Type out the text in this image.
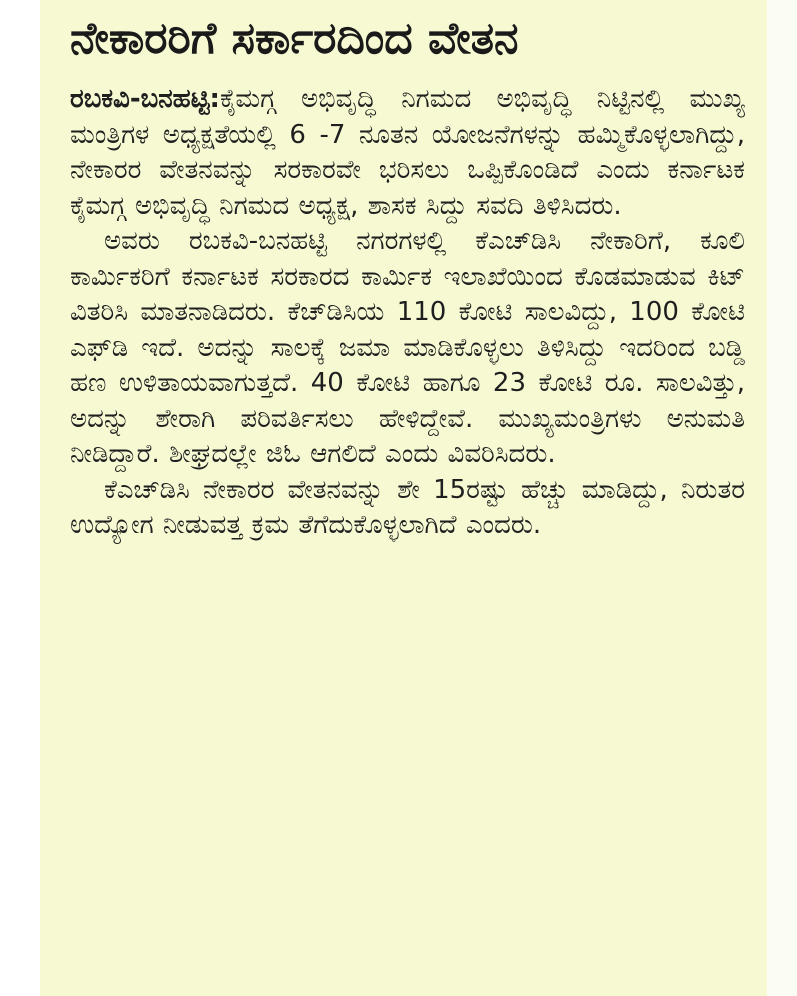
ನೇಕಾರರಿಗೆ ಸರ್ಕಾರದಿಂದ ವೇತನ

ರಬಕವಿ-ಬನಹಟ್ಟಿ:ಕೈಮಗ್ಗ ಅಭಿವೃದ್ಧಿ ನಿಗಮದ ಅಭಿವೃದ್ಧಿ ನಿಟ್ಟಿನಲ್ಲಿ ಮುಖ್ಯ ಮಂತ್ರಿಗಳ ಅಧ್ಯಕ್ಷತೆಯಲ್ಲಿ 6 -7 ನೂತನ ಯೋಜನೆಗಳನ್ನು ಹಮ್ಮಿಕೊಳ್ಳಲಾಗಿದ್ದು, ನೇಕಾರರ ವೇತನವನ್ನು ಸರಕಾರವೇ ಭರಿಸಲು ಒಪ್ಪಿಕೊಂಡಿದೆ ಎಂದು ಕರ್ನಾಟಕ ಕೈಮಗ್ಗ ಅಭಿವೃದ್ಧಿ ನಿಗಮದ ಅಧ್ಯಕ್ಷ, ಶಾಸಕ ಸಿದ್ದು ಸವದಿ ತಿಳಿಸಿದರು.

ಅವರು ರಬಕವಿ-ಬನಹಟ್ಟಿ ನಗರಗಳಲ್ಲಿ ಕೆಎಚ್‌ಡಿಸಿ ನೇಕಾರಿಗೆ, ಕೂಲಿ ಕಾರ್ಮಿಕರಿಗೆ ಕರ್ನಾಟಕ ಸರಕಾರದ ಕಾರ್ಮಿಕ ಇಲಾಖೆಯಿಂದ ಕೊಡಮಾಡುವ ಕಿಟ್ ವಿತರಿಸಿ ಮಾತನಾಡಿದರು. ಕೆಚ್‌ಡಿಸಿಯ 110 ಕೋಟಿ ಸಾಲವಿದ್ದು, 100 ಕೋಟಿ ಎಫ್‌ಡಿ ಇದೆ. ಅದನ್ನು ಸಾಲಕ್ಕೆ ಜಮಾ ಮಾಡಿಕೊಳ್ಳಲು ತಿಳಿಸಿದ್ದು ಇದರಿಂದ ಬಡ್ಡಿ ಹಣ ಉಳಿತಾಯವಾಗುತ್ತದೆ. 40 ಕೋಟಿ ಹಾಗೂ 23 ಕೋಟಿ ರೂ. ಸಾಲವಿತ್ತು, ಅದನ್ನು ಶೇರಾಗಿ ಪರಿವರ್ತಿಸಲು ಹೇಳಿದ್ದೇವೆ. ಮುಖ್ಯಮಂತ್ರಿಗಳು ಅನುಮತಿ ನೀಡಿದ್ದಾರೆ. ಶೀಘ್ರದಲ್ಲೇ ಜಿಓ ಆಗಲಿದೆ ಎಂದು ವಿವರಿಸಿದರು.

ಕೆಎಚ್‌ಡಿಸಿ ನೇಕಾರರ ವೇತನವನ್ನು ಶೇ 15ರಷ್ಟು ಹೆಚ್ಚು ಮಾಡಿದ್ದು, ನಿರುತರ ಉದ್ಯೋಗ ನೀಡುವತ್ತ ಕ್ರಮ ತೆಗೆದುಕೊಳ್ಳಲಾಗಿದೆ ಎಂದರು.
